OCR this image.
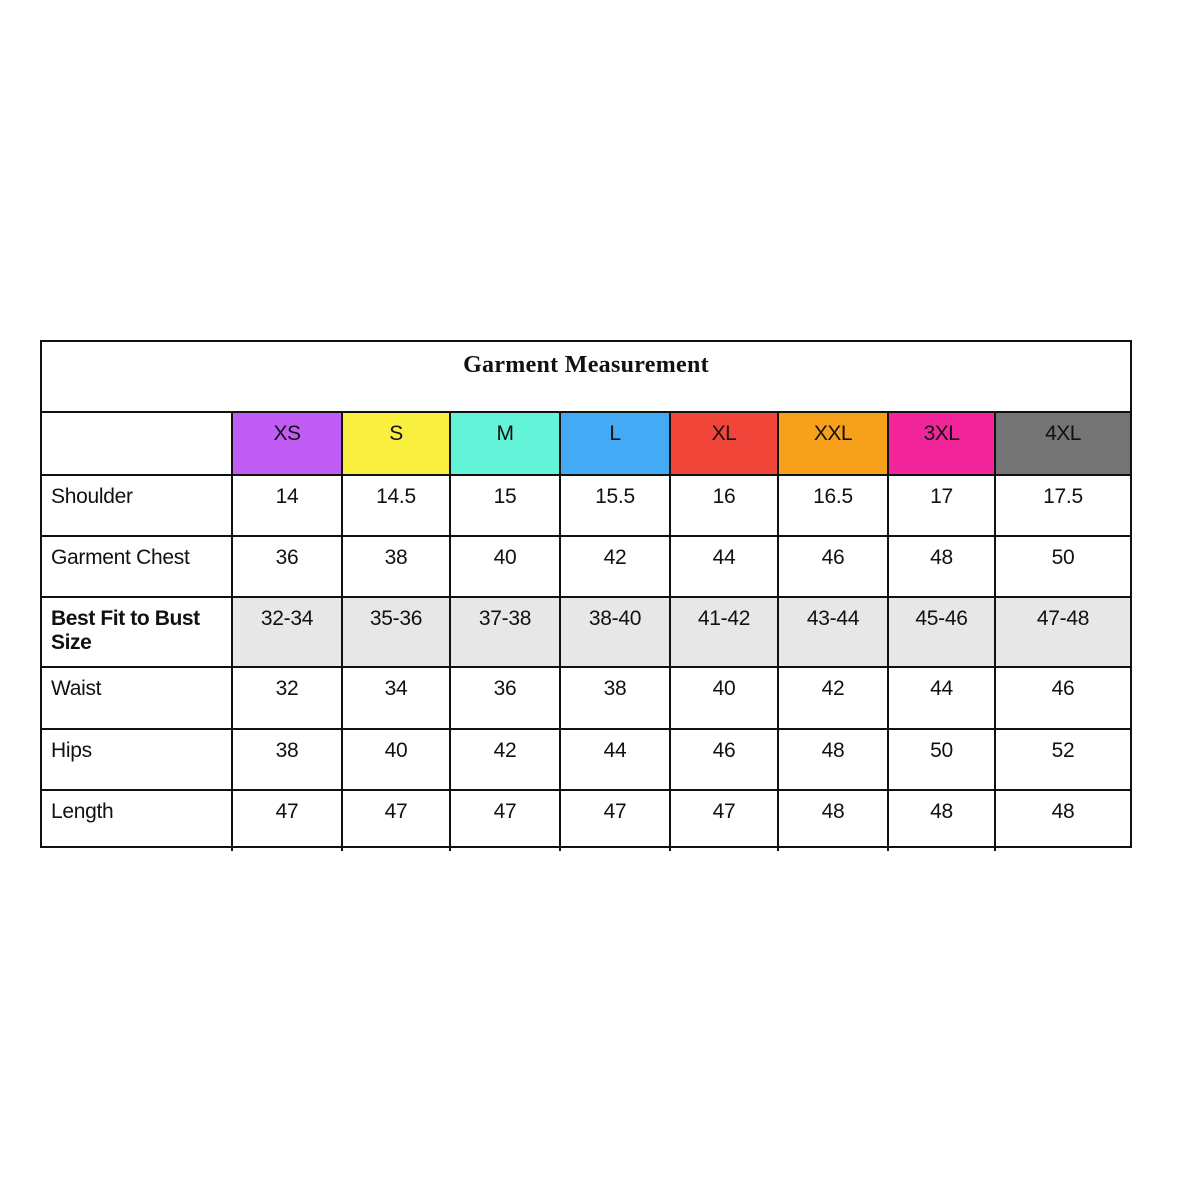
Garment Measurement
	XS	S	M	L	XL	XXL	3XL	4XL
Shoulder	14	14.5	15	15.5	16	16.5	17	17.5
Garment Chest	36	38	40	42	44	46	48	50
Best Fit to Bust Size	32-34	35-36	37-38	38-40	41-42	43-44	45-46	47-48
Waist	32	34	36	38	40	42	44	46
Hips	38	40	42	44	46	48	50	52
Length	47	47	47	47	47	48	48	48
